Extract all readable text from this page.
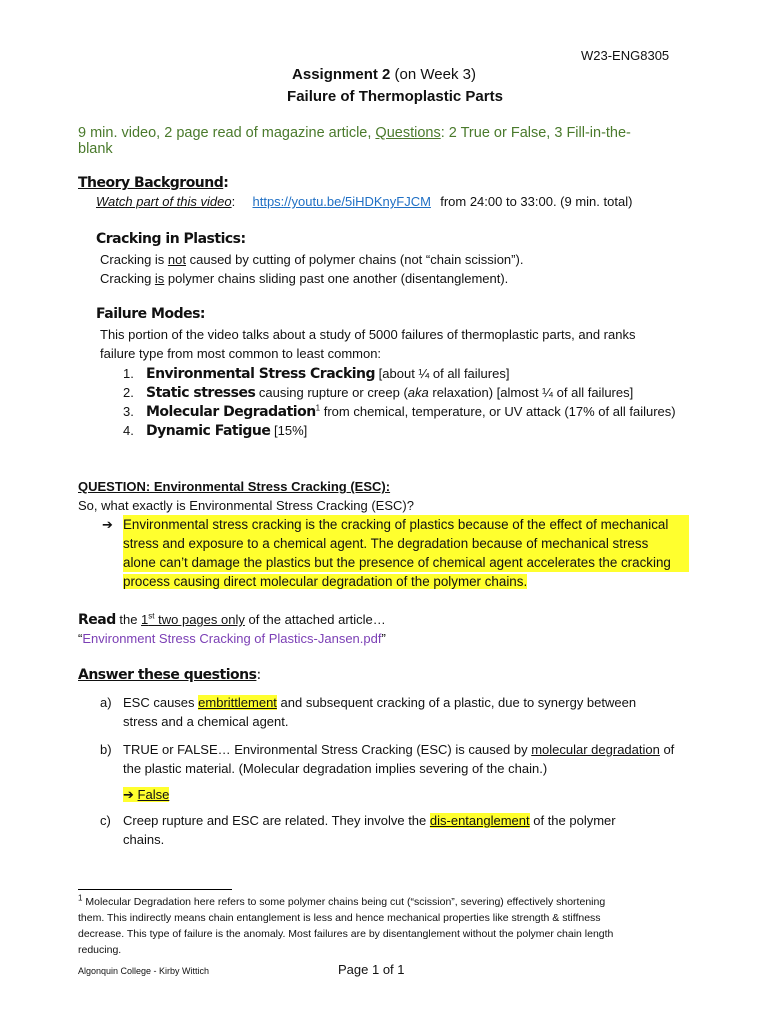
W23-ENG8305
Assignment 2 (on Week 3)
Failure of Thermoplastic Parts
9 min. video, 2 page read of magazine article, Questions: 2 True or False, 3 Fill-in-the-
blank
Theory Background:
Watch part of this video: https://youtu.be/5iHDKnyFJCM from 24:00 to 33:00. (9 min. total)
Cracking in Plastics:
Cracking is not caused by cutting of polymer chains (not “chain scission”).
Cracking is polymer chains sliding past one another (disentanglement).
Failure Modes:
This portion of the video talks about a study of 5000 failures of thermoplastic parts, and ranks
failure type from most common to least common:
1. Environmental Stress Cracking [about ¼ of all failures]
2. Static stresses causing rupture or creep (aka relaxation) [almost ¼ of all failures]
3. Molecular Degradation$^1$ from chemical, temperature, or UV attack (17% of all failures)
4. Dynamic Fatigue [15%]
QUESTION: Environmental Stress Cracking (ESC):
So, what exactly is Environmental Stress Cracking (ESC)?
➔ Environmental stress cracking is the cracking of plastics because of the effect of mechanical
stress and exposure to a chemical agent. The degradation because of mechanical stress
alone can’t damage the plastics but the presence of chemical agent accelerates the cracking
process causing direct molecular degradation of the polymer chains.
Read the 1st two pages only of the attached article…
“Environment Stress Cracking of Plastics-Jansen.pdf”
Answer these questions:
a) ESC causes embrittlement and subsequent cracking of a plastic, due to synergy between
stress and a chemical agent.
b) TRUE or FALSE… Environmental Stress Cracking (ESC) is caused by molecular degradation of
the plastic material. (Molecular degradation implies severing of the chain.)
➔ False
c) Creep rupture and ESC are related. They involve the dis-entanglement of the polymer
chains.
$^1$ Molecular Degradation here refers to some polymer chains being cut (“scission”, severing) effectively shortening
them. This indirectly means chain entanglement is less and hence mechanical properties like strength & stiffness
decrease. This type of failure is the anomaly. Most failures are by disentanglement without the polymer chain length
reducing.
Algonquin College - Kirby Wittich	Page 1 of 1
